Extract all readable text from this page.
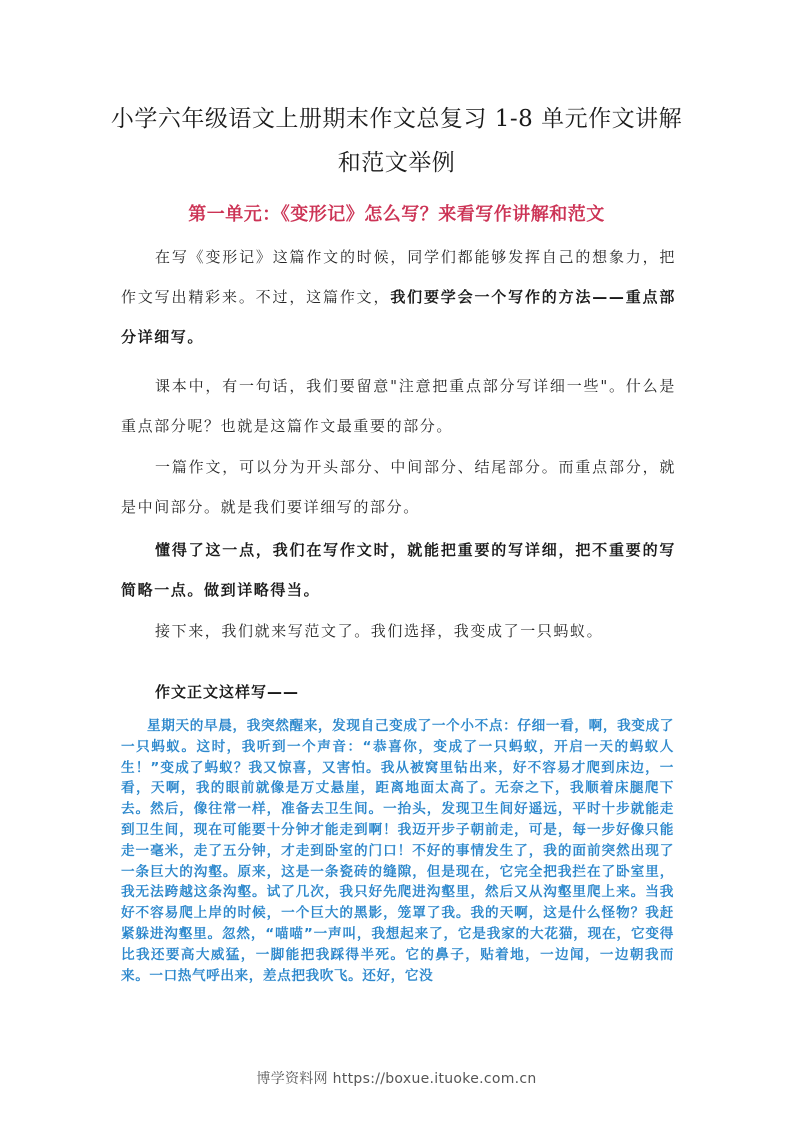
小学六年级语文上册期末作文总复习 1-8 单元作文讲解
和范文举例
第一单元：《变形记》怎么写？来看写作讲解和范文

在写《变形记》这篇作文的时候，同学们都能够发挥自己的想象力，把作文写出精彩来。不过，这篇作文，我们要学会一个写作的方法——重点部分详细写。

课本中，有一句话，我们要留意"注意把重点部分写详细一些"。什么是重点部分呢？也就是这篇作文最重要的部分。

一篇作文，可以分为开头部分、中间部分、结尾部分。而重点部分，就是中间部分。就是我们要详细写的部分。

懂得了这一点，我们在写作文时，就能把重要的写详细，把不重要的写简略一点。做到详略得当。

接下来，我们就来写范文了。我们选择，我变成了一只蚂蚁。

作文正文这样写——

星期天的早晨，我突然醒来，发现自己变成了一个小不点：仔细一看，啊，我变成了一只蚂蚁。这时，我听到一个声音：“恭喜你，变成了一只蚂蚁，开启一天的蚂蚁人生！”变成了蚂蚁？我又惊喜，又害怕。我从被窝里钻出来，好不容易才爬到床边，一看，天啊，我的眼前就像是万丈悬崖，距离地面太高了。无奈之下，我顺着床腿爬下去。然后，像往常一样，准备去卫生间。一抬头，发现卫生间好遥远，平时十步就能走到卫生间，现在可能要十分钟才能走到啊！我迈开步子朝前走，可是，每一步好像只能走一毫米，走了五分钟，才走到卧室的门口！不好的事情发生了，我的面前突然出现了一条巨大的沟壑。原来，这是一条瓷砖的缝隙，但是现在，它完全把我拦在了卧室里，我无法跨越这条沟壑。试了几次，我只好先爬进沟壑里，然后又从沟壑里爬上来。当我好不容易爬上岸的时候，一个巨大的黑影，笼罩了我。我的天啊，这是什么怪物？我赶紧躲进沟壑里。忽然，“喵喵”一声叫，我想起来了，它是我家的大花猫，现在，它变得比我还要高大威猛，一脚能把我踩得半死。它的鼻子，贴着地，一边闻，一边朝我而来。一口热气呼出来，差点把我吹飞。还好，它没

博学资料网 https://boxue.ituoke.com.cn
